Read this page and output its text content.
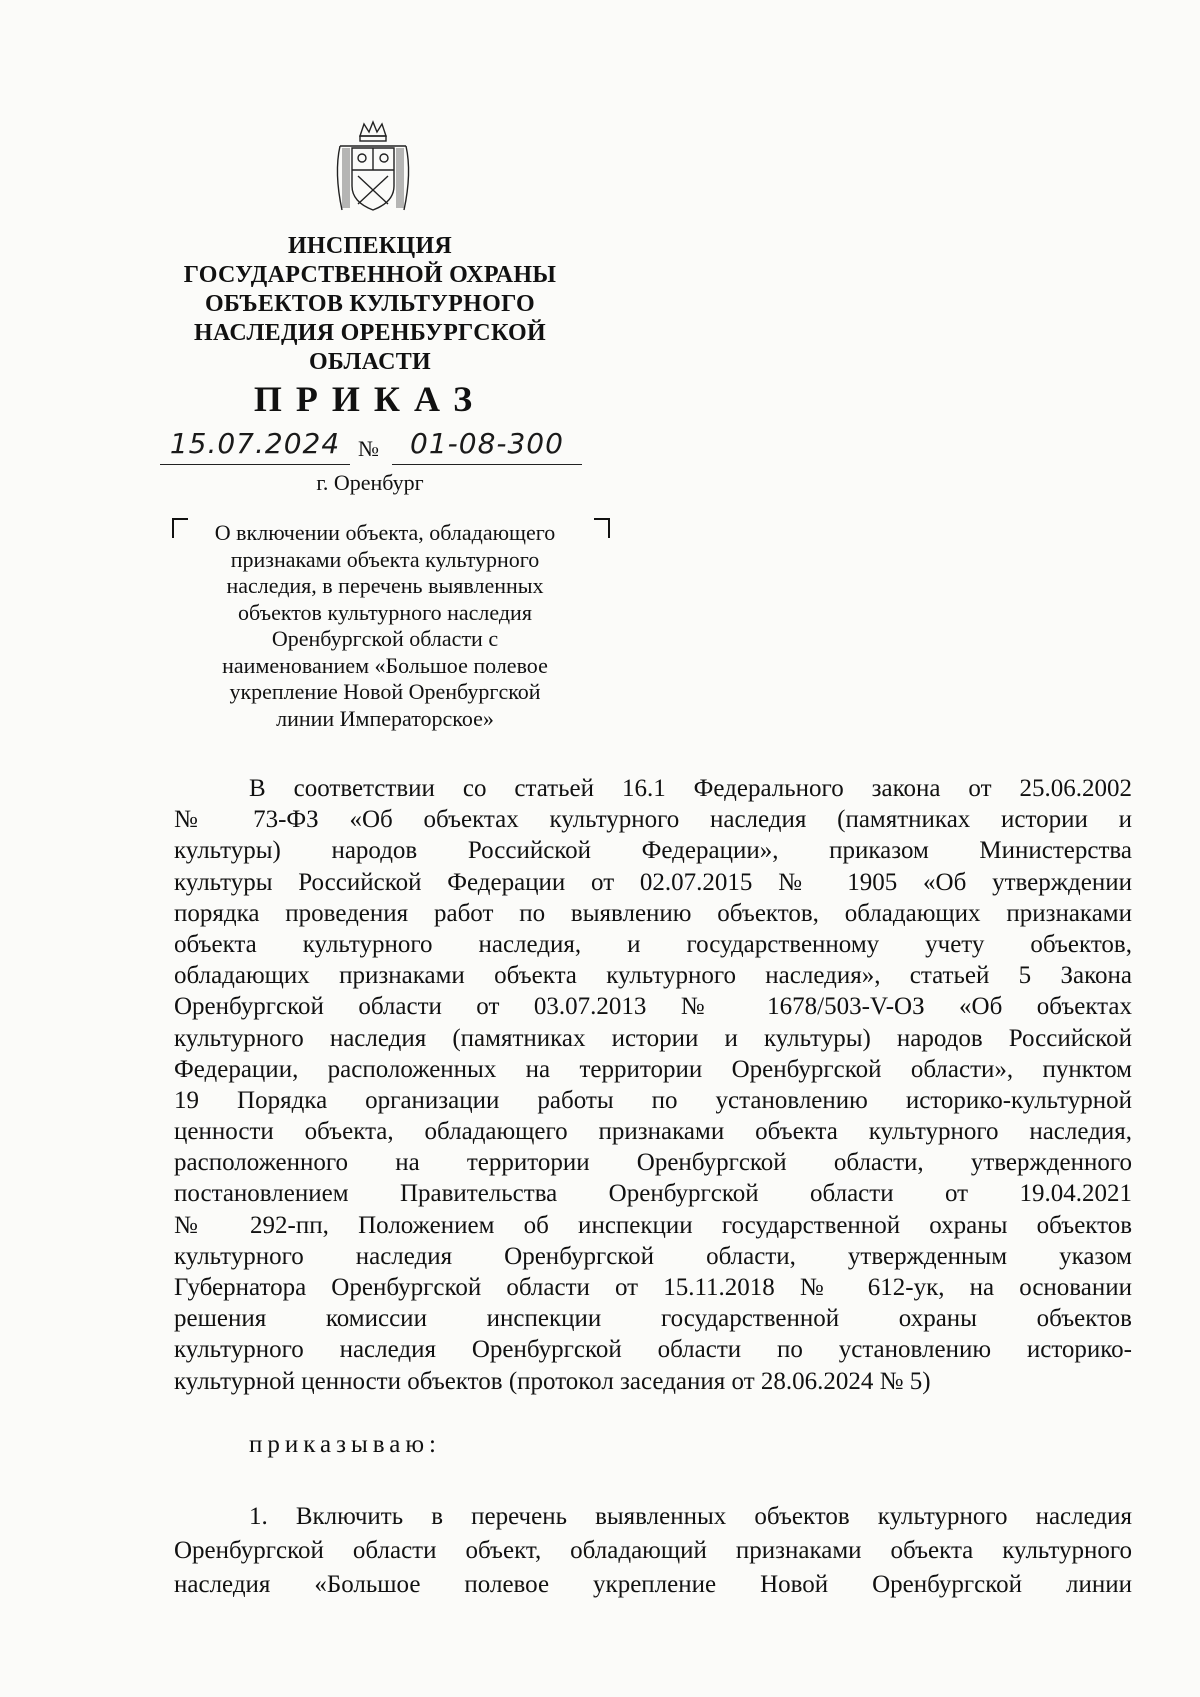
ИНСПЕКЦИЯ
ГОСУДАРСТВЕННОЙ ОХРАНЫ
ОБЪЕКТОВ КУЛЬТУРНОГО
НАСЛЕДИЯ ОРЕНБУРГСКОЙ
ОБЛАСТИ
ПРИКАЗ
15.07.2024 №	01-08-300
г. Оренбург
О включении объекта, обладающего
признаками объекта культурного
наследия, в перечень выявленных
объектов культурного наследия
Оренбургской области с
наименованием «Большое полевое
укрепление Новой Оренбургской
линии Императорское»
В соответствии со статьей 16.1 Федерального закона от 25.06.2002
№ 73-ФЗ «Об объектах культурного наследия (памятниках истории и
культуры) народов Российской Федерации», приказом Министерства
культуры Российской Федерации от 02.07.2015 № 1905 «Об утверждении
порядка проведения работ по выявлению объектов, обладающих признаками
объекта культурного наследия, и государственному учету объектов,
обладающих признаками объекта культурного наследия», статьей 5 Закона
Оренбургской области от 03.07.2013 № 1678/503-V-ОЗ «Об объектах
культурного наследия (памятниках истории и культуры) народов Российской
Федерации, расположенных на территории Оренбургской области», пунктом
19 Порядка организации работы по установлению историко-культурной
ценности объекта, обладающего признаками объекта культурного наследия,
расположенного на территории Оренбургской области, утвержденного
постановлением Правительства Оренбургской области от 19.04.2021
№ 292-пп, Положением об инспекции государственной охраны объектов
культурного наследия Оренбургской области, утвержденным указом
Губернатора Оренбургской области от 15.11.2018 № 612-ук, на основании
решения комиссии инспекции государственной охраны объектов
культурного наследия Оренбургской области по установлению историко-
культурной ценности объектов (протокол заседания от 28.06.2024 № 5)
приказываю:
1. Включить в перечень выявленных объектов культурного наследия
Оренбургской области объект, обладающий признаками объекта культурного
наследия «Большое полевое укрепление Новой Оренбургской линии
